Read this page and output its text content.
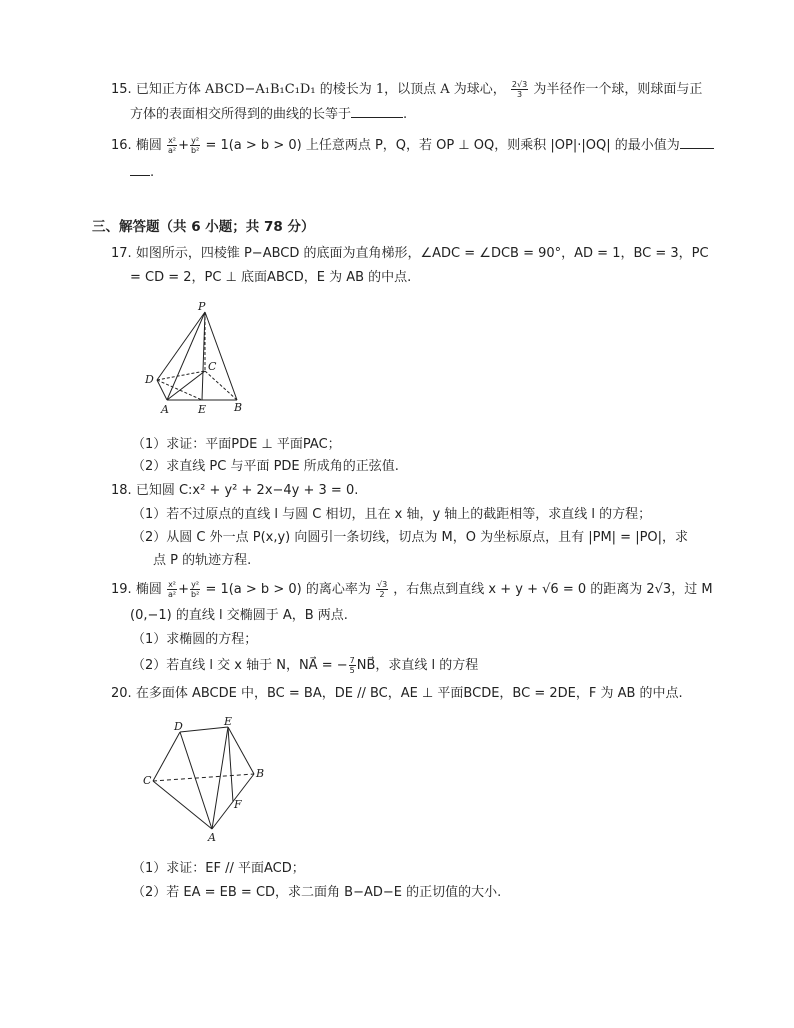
15. 已知正方体 ABCD−A₁B₁C₁D₁ 的棱长为 1，以顶点 A 为球心， $\frac{2√3}{3}$ 为半径作一个球，则球面与正
方体的表面相交所得到的曲线的长等于	.
16. 椭圆 $\frac{\text{x²}}{\text{a²}} + \frac{\text{y²}}{\text{b²}} = 1(a > b > 0)$ 上任意两点 P，Q，若 OP ⊥ OQ，则乘积 |OP|·|OQ| 的最小值为
.
三、解答题（共 6 小题；共 78 分）
17. 如图所示，四棱锥 P−ABCD 的底面为直角梯形，∠ADC = ∠DCB = 90°，AD = 1，BC = 3，PC
= CD = 2，PC ⊥ 底面ABCD，E 为 AB 的中点.
P
C
D
A	E	B
（1）求证：平面PDE ⊥ 平面PAC；
（2）求直线 PC 与平面 PDE 所成角的正弦值.
18. 已知圆 C:x² + y² + 2x−4y + 3 = 0.
（1）若不过原点的直线 l 与圆 C 相切，且在 x 轴，y 轴上的截距相等，求直线 l 的方程；
（2）从圆 C 外一点 P(x,y) 向圆引一条切线，切点为 M，O 为坐标原点，且有 |PM| = |PO|，求
点 P 的轨迹方程.
19. 椭圆 $\frac{\text{x²}}{\text{a²}} + \frac{\text{y²}}{\text{b²}} = 1(a > b > 0)$ 的离心率为 $\frac{√3}{2}$ ，右焦点到直线 x + y + √6 = 0 的距离为 2√3，过 M
(0,−1) 的直线 l 交椭圆于 A，B 两点.
（1）求椭圆的方程；
（2）若直线 l 交 x 轴于 N，NA⃗ = − $\frac{7}{5}$ NB⃗，求直线 l 的方程
20. 在多面体 ABCDE 中，BC = BA，DE // BC，AE ⊥ 平面BCDE，BC = 2DE，F 为 AB 的中点.
D	E
C
B
F
A
（1）求证：EF // 平面ACD；
（2）若 EA = EB = CD，求二面角 B−AD−E 的正切值的大小.
